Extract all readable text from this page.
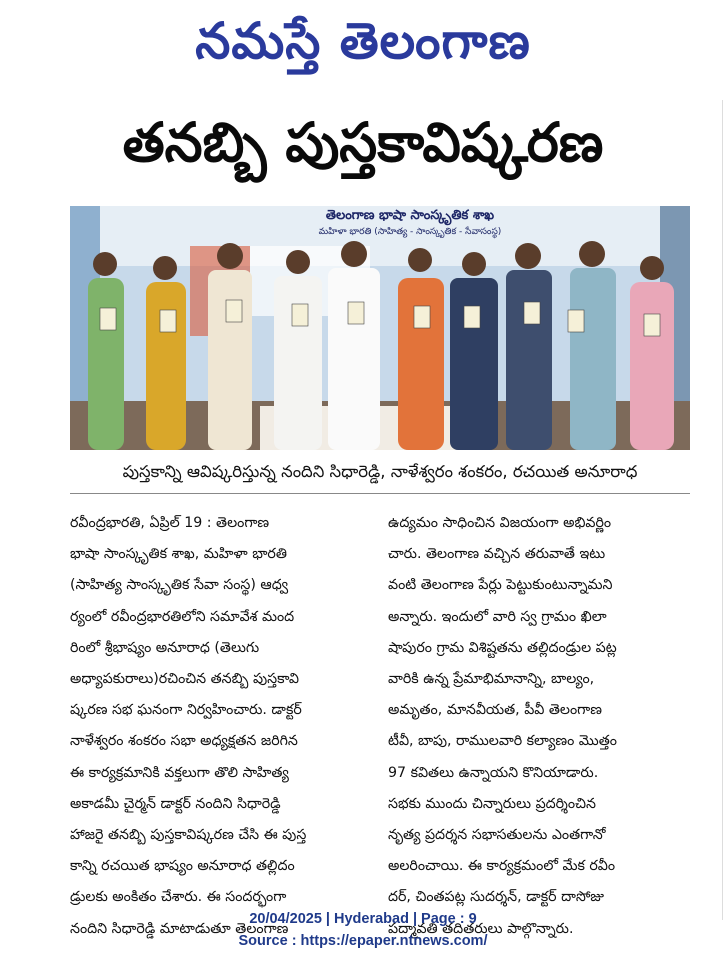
నమస్తే తెలంగాణ
తనబ్బి పుస్తకావిష్కరణ
తెలంగాణ భాషా సాంస్కృతిక శాఖ
మహిళా భారతి (సాహిత్య - సాంస్కృతిక - సేవాసంస్థ)
పుస్తకాన్ని ఆవిష్కరిస్తున్న నందిని సిధారెడ్డి, నాళేశ్వరం శంకరం, రచయిత అనూరాధ
రవీంద్రభారతి, ఏప్రిల్ 19 : తెలంగాణ
భాషా సాంస్కృతిక శాఖ, మహిళా భారతి
(సాహిత్య సాంస్కృతిక సేవా సంస్థ) ఆధ్వ
ర్యంలో రవీంద్రభారతిలోని సమావేశ మంద
రింలో శ్రీభాష్యం అనూరాధ (తెలుగు
అధ్యాపకురాలు)రచించిన తనబ్బి పుస్తకావి
ష్కరణ సభ ఘనంగా నిర్వహించారు. డాక్టర్
నాళేశ్వరం శంకరం సభా అధ్యక్షతన జరిగిన
ఈ కార్యక్రమానికి వక్తలుగా తొలి సాహిత్య
అకాడమీ చైర్మన్ డాక్టర్ నందిని సిధారెడ్డి
హాజరై తనబ్బి పుస్తకావిష్కరణ చేసి ఈ పుస్త
కాన్ని రచయిత భాష్యం అనూరాధ తల్లిదం
డ్రులకు అంకితం చేశారు. ఈ సందర్భంగా
నందిని సిధారెడ్డి మాటాడుతూ తెలంగాణ
ఉద్యమం సాధించిన విజయంగా అభివర్ణిం
చారు. తెలంగాణ వచ్చిన తరువాతే ఇటు
వంటి తెలంగాణ పేర్లు పెట్టుకుంటున్నామని
అన్నారు. ఇందులో వారి స్వ గ్రామం ఖిలా
షాపురం గ్రామ విశిష్టతను తల్లిదండ్రుల పట్ల
వారికి ఉన్న ప్రేమాభిమానాన్ని, బాల్యం,
అమృతం, మానవీయత, పీవీ తెలంగాణ
టీవీ, బాపు, రాములవారి కల్యాణం మొత్తం
97 కవితలు ఉన్నాయని కొనియాడారు.
సభకు ముందు చిన్నారులు ప్రదర్శించిన
నృత్య ప్రదర్శన సభాసతులను ఎంతగానో
అలరించాయి. ఈ కార్యక్రమంలో మేక రవీం
దర్, చింతపట్ల సుదర్శన్, డాక్టర్ దాసోజు
పద్మావతి తదితరులు పాల్గొన్నారు.
20/04/2025 | Hyderabad | Page : 9
Source : https://epaper.ntnews.com/
